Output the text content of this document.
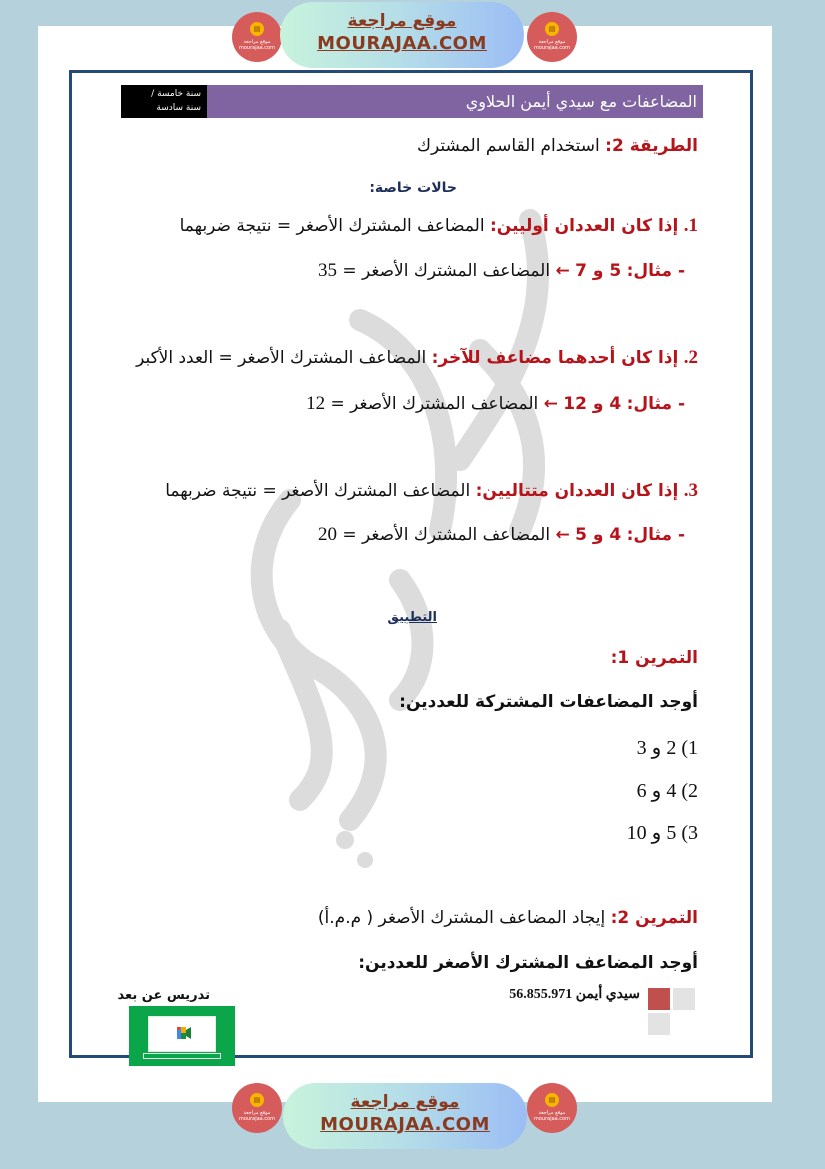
▤
موقع مراجعة
mourajaa.com
موقع مراجعة
MOURAJAA.COM
▤
موقع مراجعة
mourajaa.com
سنة خامسة /
سنة سادسة	المضاعفات مع سيدي أيمن الحلاوي
الطريقة 2: استخدام القاسم المشترك
حالات خاصة:
1. إذا كان العددان أوليين: المضاعف المشترك الأصغر = نتيجة ضربهما
- مثال: 5 و 7 ← المضاعف المشترك الأصغر = 35
2. إذا كان أحدهما مضاعف للآخر: المضاعف المشترك الأصغر = العدد الأكبر
- مثال: 4 و 12 ← المضاعف المشترك الأصغر = 12
3. إذا كان العددان متتاليين: المضاعف المشترك الأصغر = نتيجة ضربهما
- مثال: 4 و 5 ← المضاعف المشترك الأصغر = 20
التطبيق
التمرين 1:
أوجد المضاعفات المشتركة للعددين:
1) 2 و 3
2) 4 و 6
3) 5 و 10
التمرين 2: إيجاد المضاعف المشترك الأصغر ( م.م.أ)
أوجد المضاعف المشترك الأصغر للعددين:
سيدي أيمن 56.855.971
تدريس عن بعد
▤
موقع مراجعة
mourajaa.com
موقع مراجعة
MOURAJAA.COM
▤
موقع مراجعة
mourajaa.com
